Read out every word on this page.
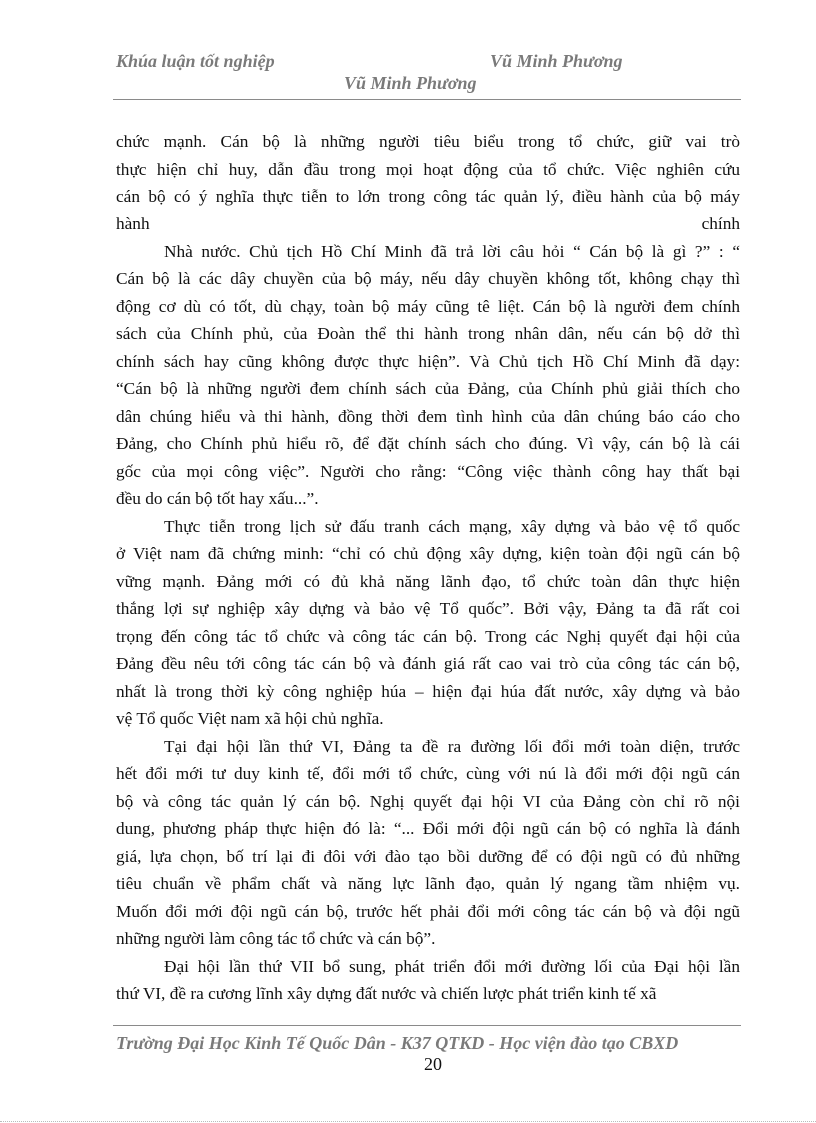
Khúa luận tốt nghiệp	Vũ Minh Phương
Vũ Minh Phương
chức mạnh. Cán bộ là những người tiêu biểu trong tổ chức, giữ vai trò
thực hiện chỉ huy, dẫn đầu trong mọi hoạt động của tổ chức. Việc nghiên cứu
cán bộ có ý nghĩa thực tiễn to lớn trong công tác quản lý, điều hành của bộ máy
hành	chính
Nhà nước. Chủ tịch Hồ Chí Minh đã trả lời câu hỏi “ Cán bộ là gì ?” : “
Cán bộ là các dây chuyền của bộ máy, nếu dây chuyền không tốt, không chạy thì
động cơ dù có tốt, dù chạy, toàn bộ máy cũng tê liệt. Cán bộ là người đem chính
sách của Chính phủ, của Đoàn thể thi hành trong nhân dân, nếu cán bộ dở thì
chính sách hay cũng không được thực hiện”. Và Chủ tịch Hồ Chí Minh đã dạy:
“Cán bộ là những người đem chính sách của Đảng, của Chính phủ giải thích cho
dân chúng hiểu và thi hành, đồng thời đem tình hình của dân chúng báo cáo cho
Đảng, cho Chính phủ hiểu rõ, để đặt chính sách cho đúng. Vì vậy, cán bộ là cái
gốc của mọi công việc”. Người cho rằng: “Công việc thành công hay thất bại
đều do cán bộ tốt hay xấu...”.
Thực tiễn trong lịch sử đấu tranh cách mạng, xây dựng và bảo vệ tổ quốc
ở Việt nam đã chứng minh: “chỉ có chủ động xây dựng, kiện toàn đội ngũ cán bộ
vững mạnh. Đảng mới có đủ khả năng lãnh đạo, tổ chức toàn dân thực hiện
thắng lợi sự nghiệp xây dựng và bảo vệ Tổ quốc”. Bởi vậy, Đảng ta đã rất coi
trọng đến công tác tổ chức và công tác cán bộ. Trong các Nghị quyết đại hội của
Đảng đều nêu tới công tác cán bộ và đánh giá rất cao vai trò của công tác cán bộ,
nhất là trong thời kỳ công nghiệp húa – hiện đại húa đất nước, xây dựng và bảo
vệ Tổ quốc Việt nam xã hội chủ nghĩa.
Tại đại hội lần thứ VI, Đảng ta đề ra đường lối đổi mới toàn diện, trước
hết đổi mới tư duy kinh tế, đổi mới tổ chức, cùng với nú là đổi mới đội ngũ cán
bộ và công tác quản lý cán bộ. Nghị quyết đại hội VI của Đảng còn chỉ rõ nội
dung, phương pháp thực hiện đó là: “... Đổi mới đội ngũ cán bộ có nghĩa là đánh
giá, lựa chọn, bố trí lại đi đôi với đào tạo bồi dưỡng để có đội ngũ có đủ những
tiêu chuẩn về phẩm chất và năng lực lãnh đạo, quản lý ngang tầm nhiệm vụ.
Muốn đổi mới đội ngũ cán bộ, trước hết phải đổi mới công tác cán bộ và đội ngũ
những người làm công tác tổ chức và cán bộ”.
Đại hội lần thứ VII bổ sung, phát triển đổi mới đường lối của Đại hội lần
thứ VI, đề ra cương lĩnh xây dựng đất nước và chiến lược phát triển kinh tế xã
Trường Đại Học Kinh Tế Quốc Dân - K37 QTKD - Học viện đào tạo CBXD
20
